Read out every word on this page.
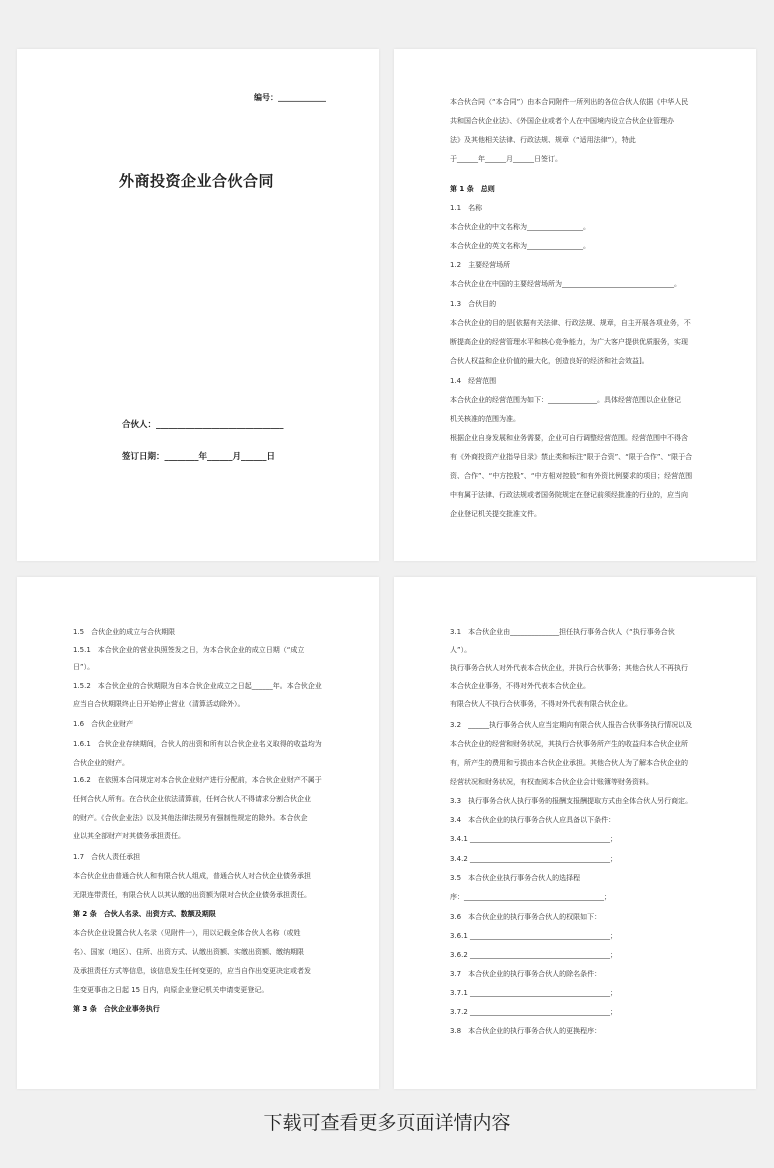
编号：____________
外商投资企业合伙合同
合伙人：______________________________
签订日期：________年______月______日
本合伙合同（“本合同”）由本合同附件一所列出的各位合伙人依据《中华人民
共和国合伙企业法》、《外国企业或者个人在中国境内设立合伙企业管理办
法》及其他相关法律、行政法规、规章（“适用法律”），特此
于______年______月______日签订。
第 1 条　总则
1.1　名称
本合伙企业的中文名称为________________。
本合伙企业的英文名称为________________。
1.2　主要经营场所
本合伙企业在中国的主要经营场所为________________________________。
1.3　合伙目的
本合伙企业的目的是[依据有关法律、行政法规、规章，自主开展各项业务，不
断提高企业的经营管理水平和核心竞争能力，为广大客户提供优质服务，实现
合伙人权益和企业价值的最大化，创造良好的经济和社会效益]。
1.4　经营范围
本合伙企业的经营范围为如下：______________。具体经营范围以企业登记
机关核准的范围为准。
根据企业自身发展和业务需要，企业可自行调整经营范围。经营范围中不得含
有《外商投资产业指导目录》禁止类和标注“限于合资”、“限于合作”、“限于合
资、合作”、“中方控股”、“中方相对控股”和有外资比例要求的项目；经营范围
中有属于法律、行政法规或者国务院规定在登记前须经批准的行业的，应当向
企业登记机关提交批准文件。
1.5　合伙企业的成立与合伙期限
1.5.1　本合伙企业的营业执照签发之日，为本合伙企业的成立日期（“成立
日”）。
1.5.2　本合伙企业的合伙期限为自本合伙企业成立之日起______年。本合伙企业
应当自合伙期限终止日开始停止营业（清算活动除外）。
1.6　合伙企业财产
1.6.1　合伙企业存续期间，合伙人的出资和所有以合伙企业名义取得的收益均为
合伙企业的财产。
1.6.2　在依照本合同规定对本合伙企业财产进行分配前，本合伙企业财产不属于
任何合伙人所有。在合伙企业依法清算前，任何合伙人不得请求分割合伙企业
的财产。《合伙企业法》以及其他法律法规另有强制性规定的除外。本合伙企
业以其全部财产对其债务承担责任。
1.7　合伙人责任承担
本合伙企业由普通合伙人和有限合伙人组成，普通合伙人对合伙企业债务承担
无限连带责任，有限合伙人以其认缴的出资额为限对合伙企业债务承担责任。
第 2 条　合伙人名录、出资方式、数额及期限
本合伙企业设置合伙人名录（见附件一），用以记载全体合伙人名称（或姓
名）、国家（地区）、住所、出资方式、认缴出资额、实缴出资额、缴纳期限
及承担责任方式等信息，该信息发生任何变更的，应当自作出变更决定或者发
生变更事由之日起 15 日内，向原企业登记机关申请变更登记。
第 3 条　合伙企业事务执行
3.1　本合伙企业由______________担任执行事务合伙人（“执行事务合伙
人”）。
执行事务合伙人对外代表本合伙企业，并执行合伙事务；其他合伙人不再执行
本合伙企业事务，不得对外代表本合伙企业。
有限合伙人不执行合伙事务，不得对外代表有限合伙企业。
3.2　______执行事务合伙人应当定期向有限合伙人报告合伙事务执行情况以及
本合伙企业的经营和财务状况，其执行合伙事务所产生的收益归本合伙企业所
有，所产生的费用和亏损由本合伙企业承担。其他合伙人为了解本合伙企业的
经营状况和财务状况，有权查阅本合伙企业会计账簿等财务资料。
3.3　执行事务合伙人执行事务的报酬支报酬提取方式由全体合伙人另行商定。
3.4　本合伙企业的执行事务合伙人应具备以下条件：
3.4.1 ________________________________________；
3.4.2 ________________________________________；
3.5　本合伙企业执行事务合伙人的选择程
序：________________________________________；
3.6　本合伙企业的执行事务合伙人的权限如下：
3.6.1 ________________________________________；
3.6.2 ________________________________________；
3.7　本合伙企业的执行事务合伙人的除名条件：
3.7.1 ________________________________________；
3.7.2 ________________________________________；
3.8　本合伙企业的执行事务合伙人的更换程序：
下载可查看更多页面详情内容
